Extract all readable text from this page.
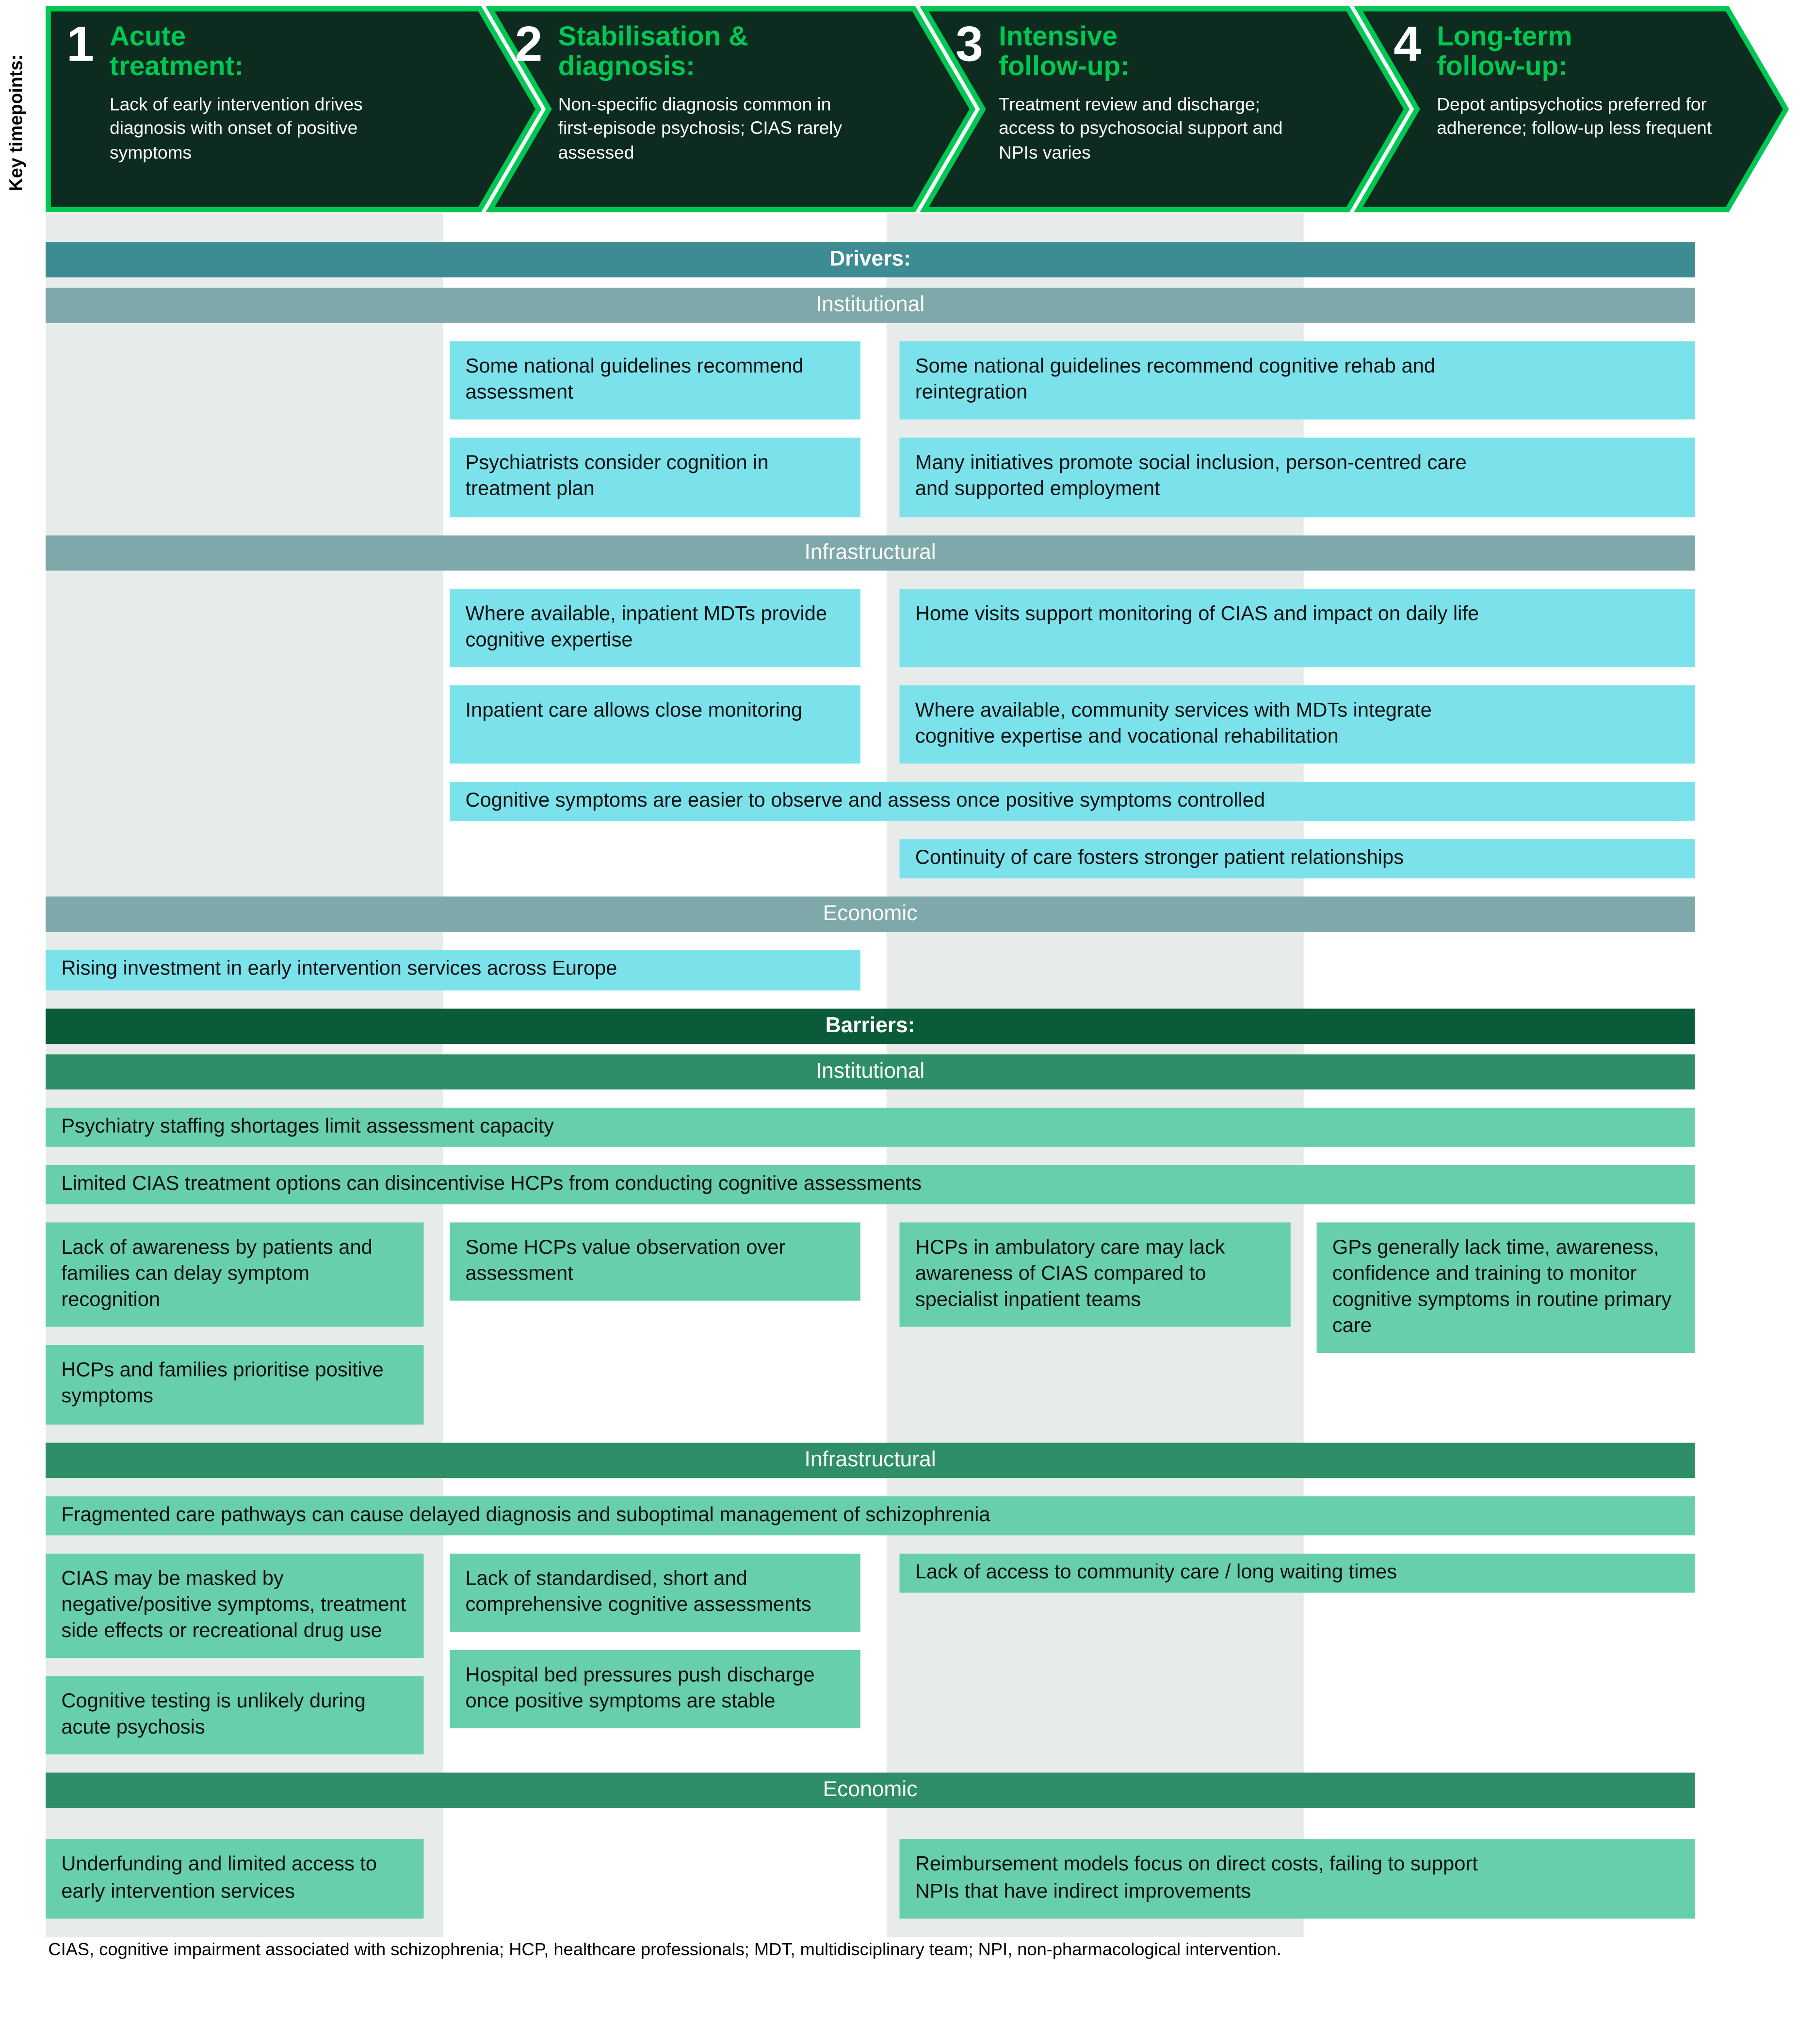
Key timepoints:
1 Acute treatment:
Lack of early intervention drives diagnosis with onset of positive symptoms
2 Stabilisation & diagnosis:
Non-specific diagnosis common in first-episode psychosis; CIAS rarely assessed
3 Intensive follow-up:
Treatment review and discharge; access to psychosocial support and NPIs varies
4 Long-term follow-up:
Depot antipsychotics preferred for adherence; follow-up less frequent
Drivers:
Institutional
Some national guidelines recommend assessment
Some national guidelines recommend cognitive rehab and reintegration
Psychiatrists consider cognition in treatment plan
Many initiatives promote social inclusion, person-centred care and supported employment
Infrastructural
Where available, inpatient MDTs provide cognitive expertise
Home visits support monitoring of CIAS and impact on daily life
Inpatient care allows close monitoring	Where available, community services with MDTs integrate cognitive expertise and vocational rehabilitation
Cognitive symptoms are easier to observe and assess once positive symptoms controlled
Continuity of care fosters stronger patient relationships
Economic
Rising investment in early intervention services across Europe
Barriers:
Institutional
Psychiatry staffing shortages limit assessment capacity
Limited CIAS treatment options can disincentivise HCPs from conducting cognitive assessments
Lack of awareness by patients and families can delay symptom recognition
HCPs and families prioritise positive symptoms
Some HCPs value observation over assessment
HCPs in ambulatory care may lack awareness of CIAS compared to specialist inpatient teams
GPs generally lack time, awareness, confidence and training to monitor cognitive symptoms in routine primary care
Infrastructural
Fragmented care pathways can cause delayed diagnosis and suboptimal management of schizophrenia
CIAS may be masked by negative/positive symptoms, treatment side effects or recreational drug use
Cognitive testing is unlikely during acute psychosis
Lack of standardised, short and comprehensive cognitive assessments
Hospital bed pressures push discharge once positive symptoms are stable
Lack of access to community care / long waiting times
Economic
Underfunding and limited access to early intervention services
Reimbursement models focus on direct costs, failing to support NPIs that have indirect improvements
CIAS, cognitive impairment associated with schizophrenia; HCP, healthcare professionals; MDT, multidisciplinary team; NPI, non-pharmacological intervention.
